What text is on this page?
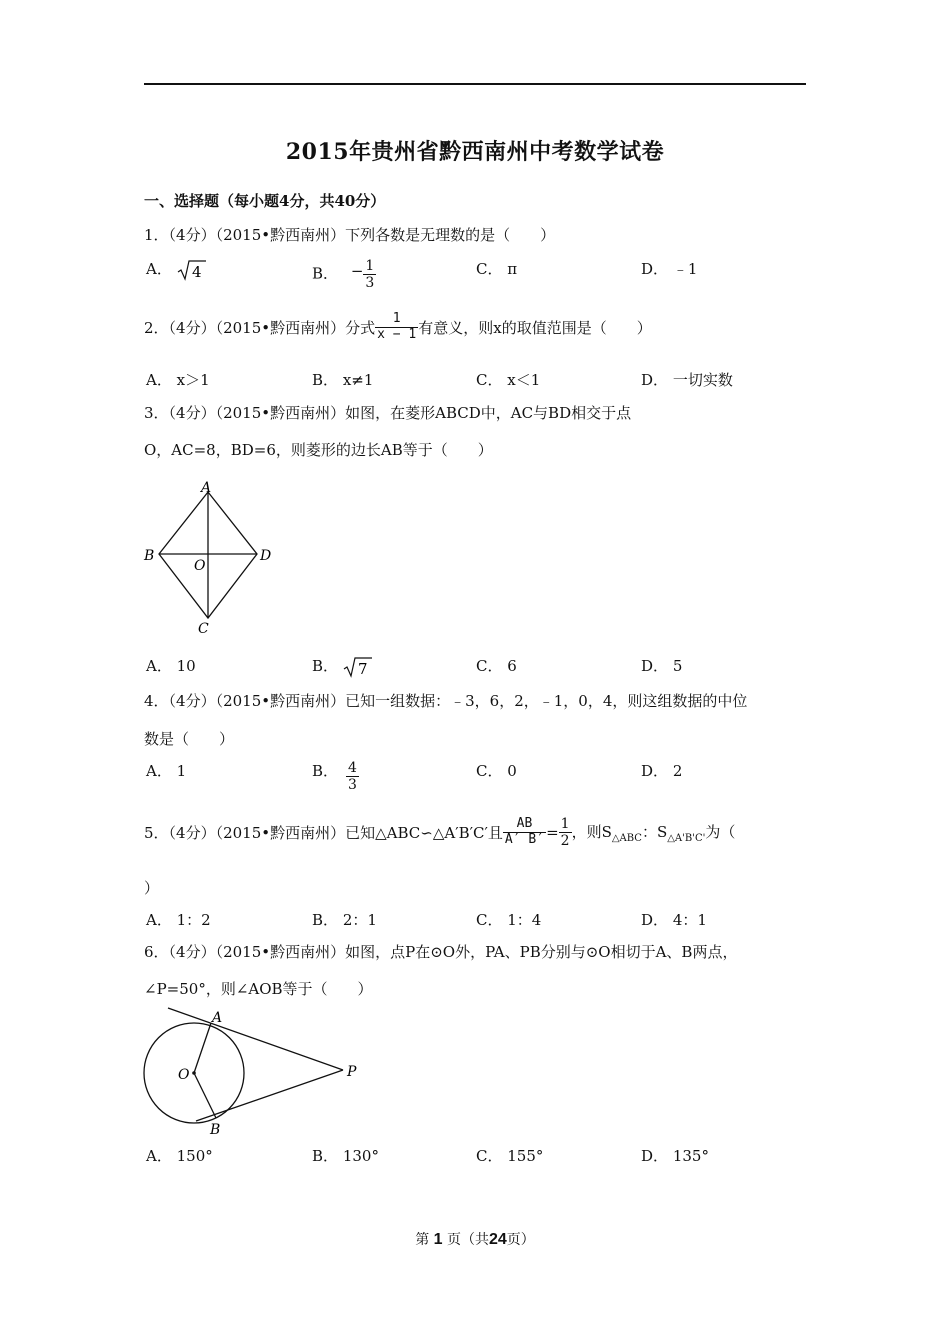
2015年贵州省黔西南州中考数学试卷
一、选择题（每小题4分，共40分）
1．（4分）（2015•黔西南州）下列各数是无理数的是（　　）
A． 4	B． − $\frac{1}{3}$	C． π	D． ﹣1
2．（4分）（2015•黔西南州）分式 $\frac{1}{x - 1}$ 有意义，则x的取值范围是（　　）
A． x＞1	B． x≠1	C． x＜1	D． 一切实数
3．（4分）（2015•黔西南州）如图，在菱形ABCD中，AC与BD相交于点
O，AC=8，BD=6，则菱形的边长AB等于（　　）
A
B	D
O
C
A． 10	B． 7	C． 6	D． 5
4．（4分）（2015•黔西南州）已知一组数据：﹣3，6，2，﹣1，0，4，则这组数据的中位
数是（　　）
A． 1	B． $\frac{4}{3}$	C． 0	D． 2
5．（4分）（2015•黔西南州）已知△ABC∽△A′B′C′且 $\frac{AB}{A' B'} = \frac{1}{2}$ ，则$S_{\triangle ABC}$：$S_{\triangle A'B'C'}$为（
）
A． 1：2	B． 2：1	C． 1：4	D． 4：1
6．（4分）（2015•黔西南州）如图，点P在⊙O外，PA、PB分别与⊙O相切于A、B两点，
∠P=50°，则∠AOB等于（　　）
A
O	P
B
A． 150°	B． 130°	C． 155°	D． 135°
第 1 页（共24页）
